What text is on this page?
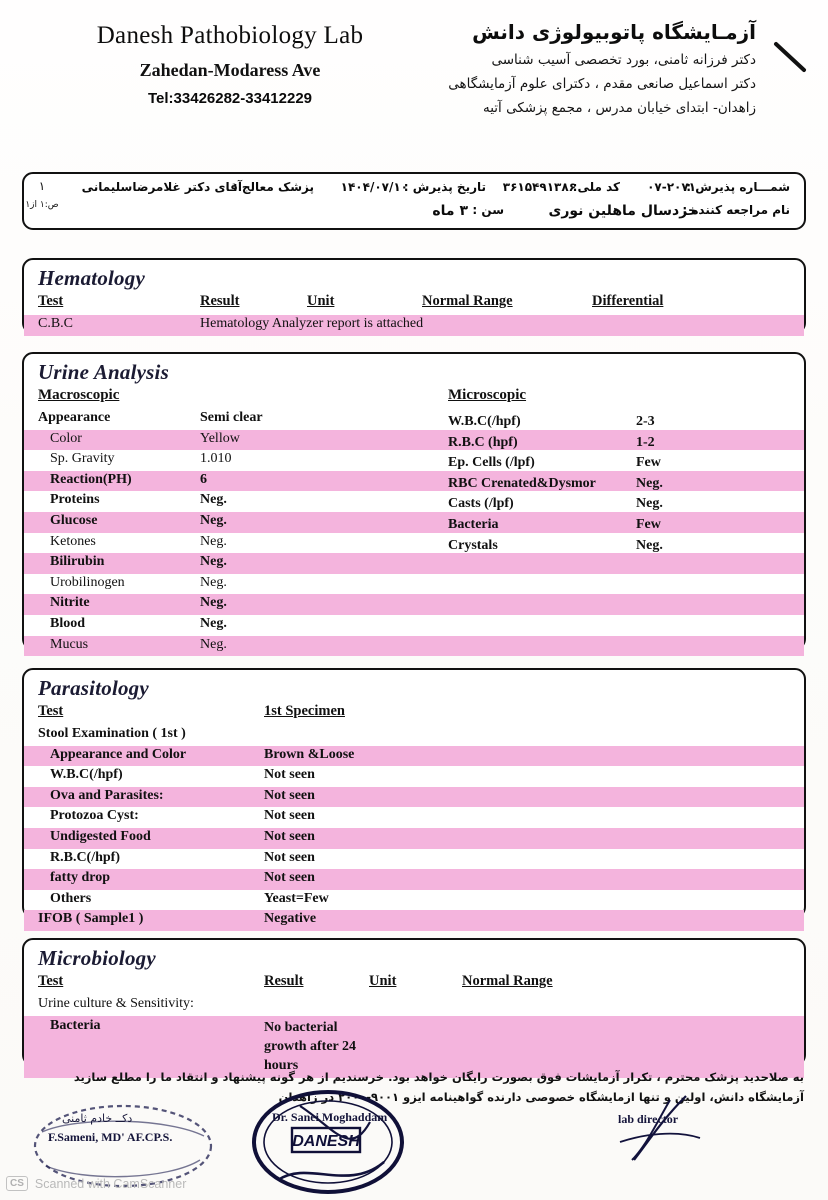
Danesh Pathobiology Lab
Zahedan-Modaress Ave
Tel:33426282-33412229
آزمـایشگاه پاتوبیولوژی دانش
دکتر فرزانه ثامنی، بورد تخصصی آسیب شناسی
دکتر اسماعیل صانعی مقدم ، دکترای علوم آزمایشگاهی
زاهدان- ابتدای خیابان مدرس ، مجمع پزشکی آتیه
شمـــاره پذیرش :
۰۷-۲۰۷۱
کد ملی:
۳۶۱۵۴۹۱۳۸۶
تاریخ پذیرش :
۱۴۰۴/۰۷/۱۰
پزشک معالج :
آقای دکتر غلامرضاسلیمانی
نام مراجعه کننده :
خردسال ماهلین نوری
سن :
۳ ماه
۱
ص:۱ از۱
Hematology
Test	Result	Unit	Normal Range	Differential
C.B.C	Hematology Analyzer report is attached
Urine Analysis
Macroscopic	Microscopic
Appearance	Semi clear
Color	Yellow
Sp. Gravity	1.010
Reaction(PH)	6
Proteins	Neg.
Glucose	Neg.
Ketones	Neg.
Bilirubin	Neg.
Urobilinogen	Neg.
Nitrite	Neg.
Blood	Neg.
Mucus	Neg.
W.B.C(/hpf)	2-3
R.B.C (hpf)	1-2
Ep. Cells (/lpf)	Few
RBC Crenated&Dysmor	Neg.
Casts (/lpf)	Neg.
Bacteria	Few
Crystals	Neg.
Parasitology
Test	1st Specimen
Stool Examination ( 1st )
Appearance and Color	Brown &Loose
W.B.C(/hpf)	Not seen
Ova and Parasites:	Not seen
Protozoa Cyst:	Not seen
Undigested Food	Not seen
R.B.C(/hpf)	Not seen
fatty drop	Not seen
Others	Yeast=Few
IFOB ( Sample1 )	Negative
Microbiology
Test	Result	Unit	Normal Range
Urine culture & Sensitivity:
Bacteria	No bacterial
growth after 24
hours
به صلاحدید پزشک محترم ، تکرار آزمایشات فوق بصورت رایگان خواهد بود. خرسندیم از هر گونه پیشنهاد و انتقاد ما را مطلع سازید
آزمایشگاه دانش، اولین و تنها ازمایشگاه خصوصی دارنده گواهینامه ایزو ۹۰۰۱-۲۰۰۰ در زاهدان
دکــ خادم ثامنی
F.Sameni, MD' AF.CP.S.	DANESH
Dr. Sanei Moghaddam	lab director
CS Scanned with CamScanner
